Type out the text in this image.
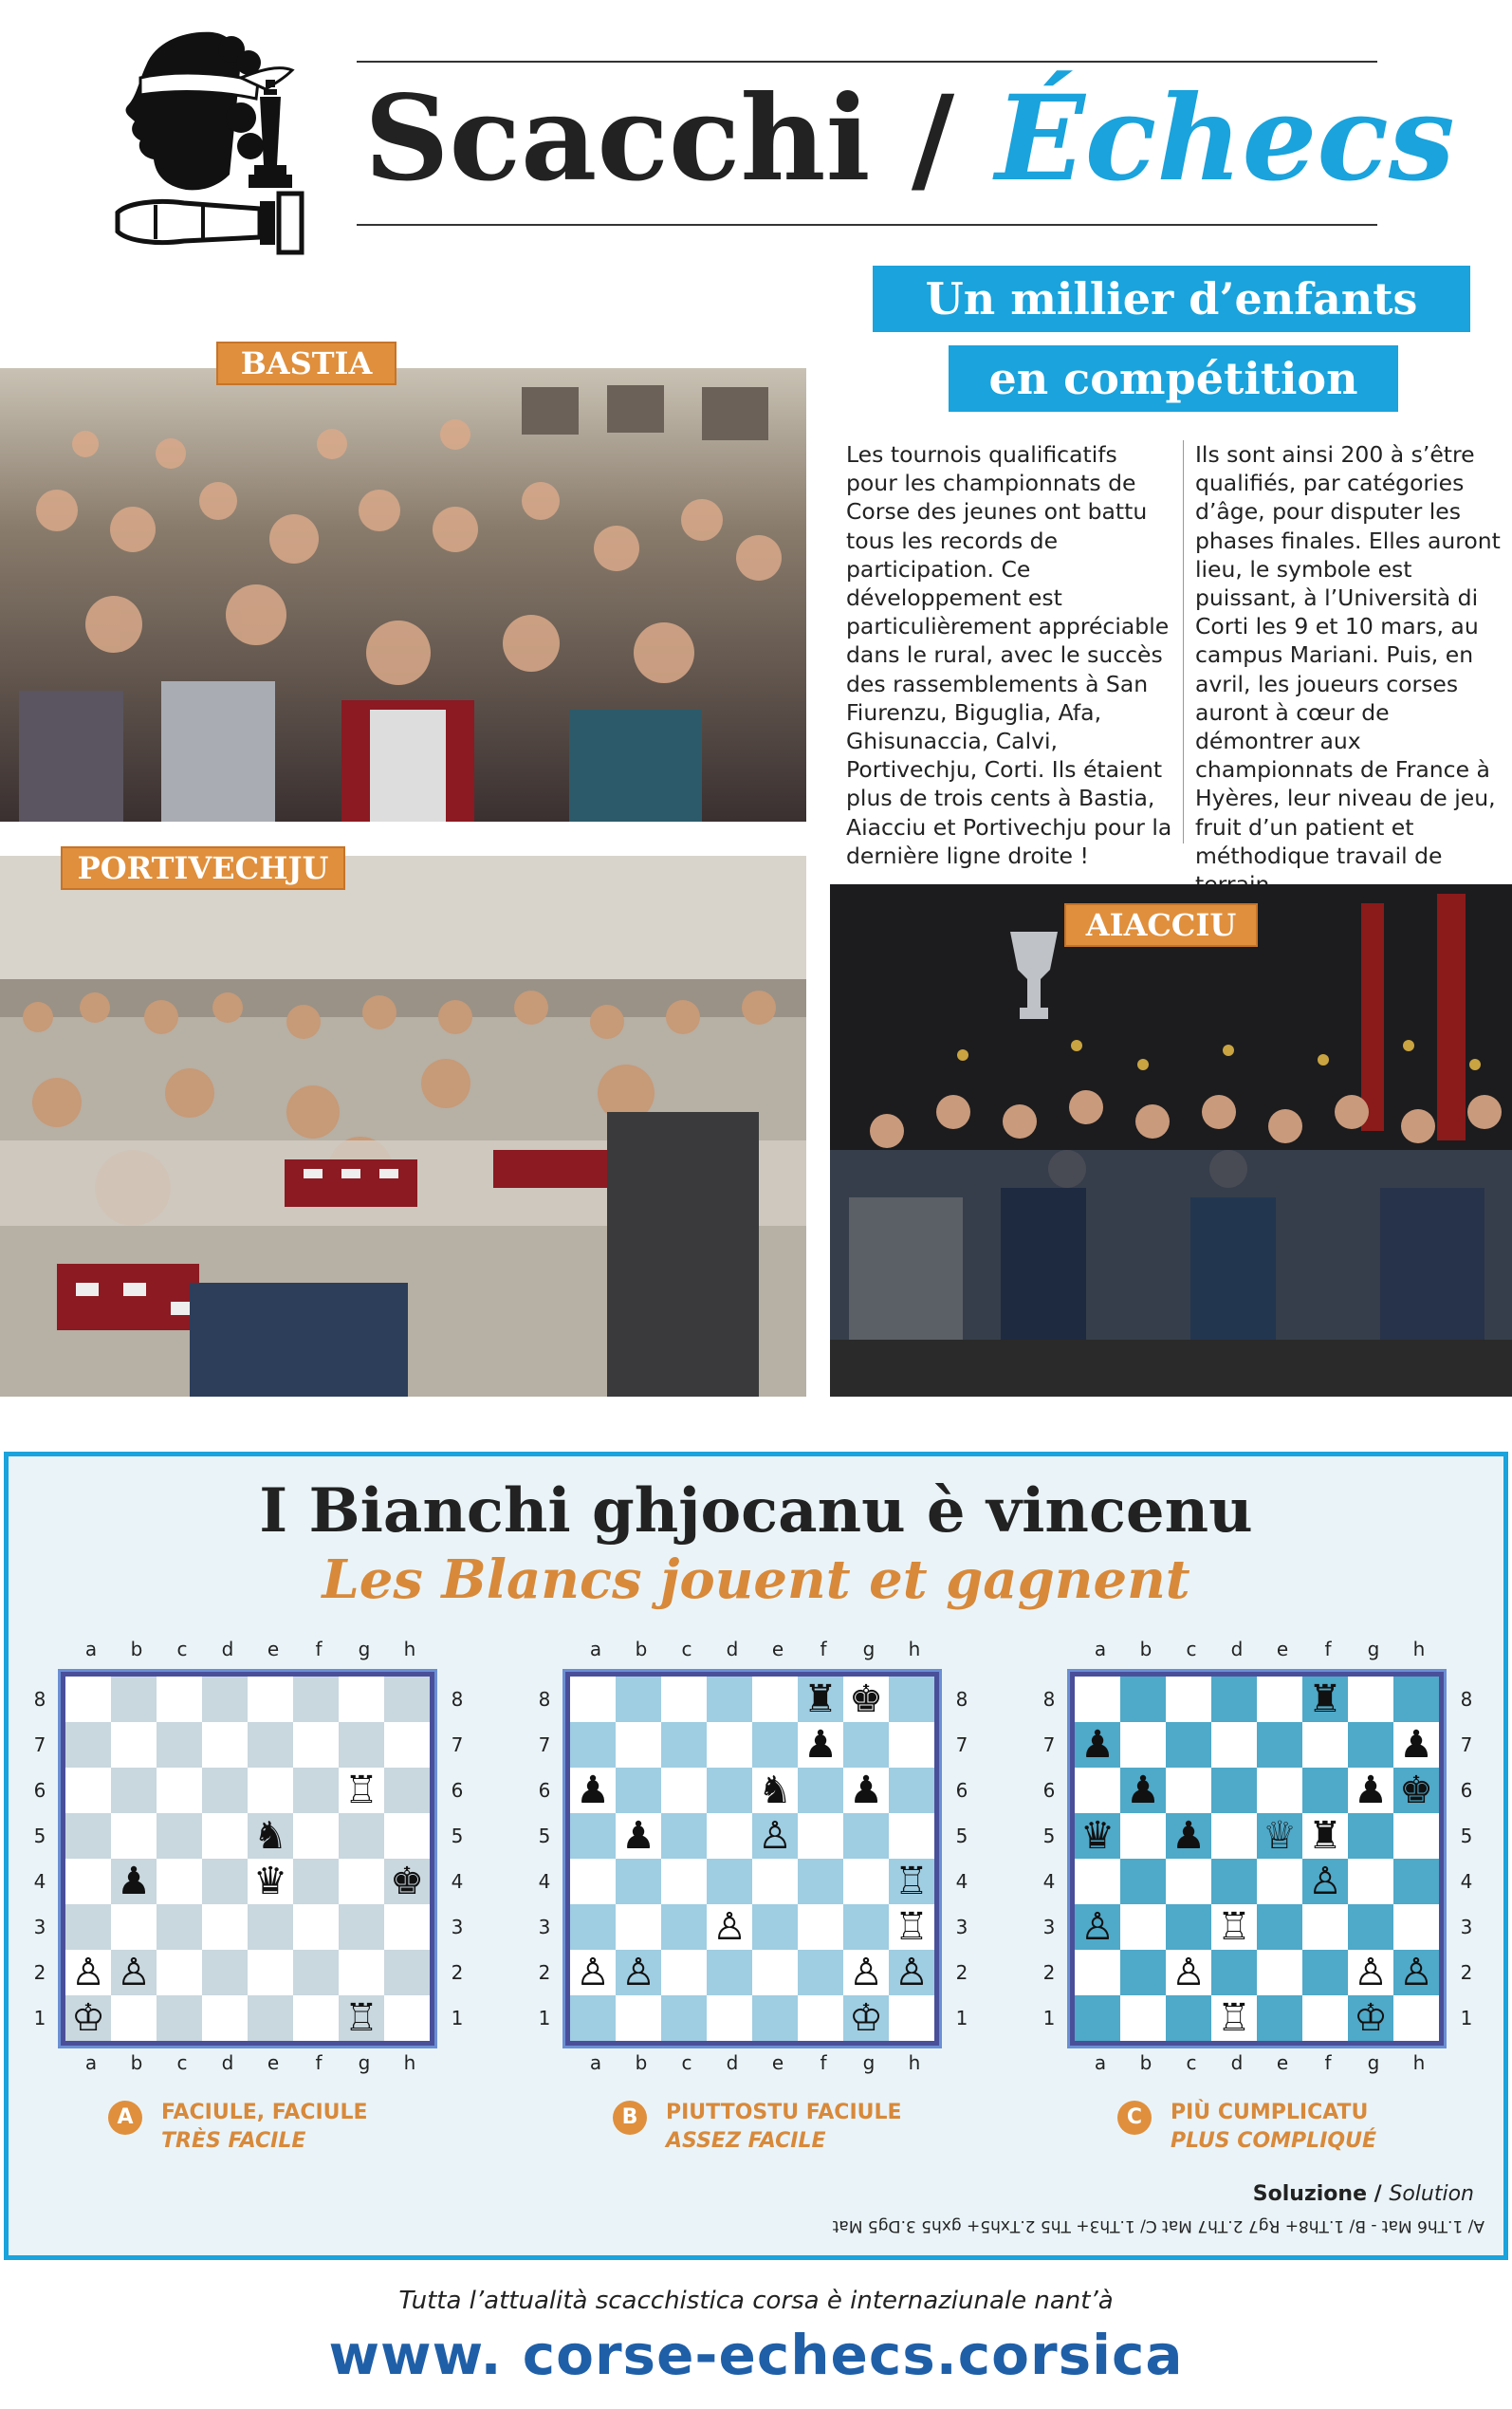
Scacchi / Échecs
Un millier d’enfants
en compétition
Les tournois qualificatifs pour les championnats de Corse des jeunes ont battu tous les records de participation. Ce développement est particulièrement appréciable dans le rural, avec le succès des rassemblements à San Fiurenzu, Biguglia, Afa, Ghisunaccia, Calvi, Portivechju, Corti. Ils étaient plus de trois cents à Bastia, Aiacciu et Portivechju pour la dernière ligne droite !
Ils sont ainsi 200 à s’être qualifiés, par catégories d’âge, pour disputer les phases finales. Elles auront lieu, le symbole est puissant, à l’Università di Corti les 9 et 10 mars, au campus Mariani. Puis, en avril, les joueurs corses auront à cœur de démontrer aux championnats de France à Hyères, leur niveau de jeu, fruit d’un patient et méthodique travail de
BASTIA
PORTIVECHJU
AIACCIU
I Bianchi ghjocanu è vincenu
Les Blancs jouent et gagnent
a
a
b
b
c
c
d
d
e
e
f
f
g
g
h
h
8	8
7	7
6	6
5	5
4	4
3	3
2	2
1	1
♖
♞
♟	♛	♚
♙ ♙
♔	♖
A	FACIULE, FACIULE
TRÈS FACILE
a
a
b
b
c
c
d
d
e
e
f
f
g
g
h
h
8	8
7	7
6	6
5	5
4	4
3	3
2	2
1	1
♜ ♚
♟
♟	♞ ♟
♟	♙
♖
♙	♖
♙ ♙	♙ ♙
♔
B	PIUTTOSTU FACIULE
ASSEZ FACILE
a
a
b
b
c
c
d
d
e
e
f
f
g
g
h
h
8	8
7	7
6	6
5	5
4	4
3	3
2	2
1	1
♜
♟	♟
♟	♟ ♚
♛ ♟ ♕ ♜
♙
♙	♖
♙	♙ ♙
♖	♔
C	PIÙ CUMPLICATU
PLUS COMPLIQUÉ
Soluzione / Solution
A/ 1.Th6 Mat - B/ 1.Th8+ Rg7 2.Th7 Mat C/ 1.Th3+ Th5 2.Txh5+ gxh5 3.Dg5 Mat
Tutta l’attualità scacchistica corsa è internaziunale nant’à
www. corse-echecs.corsica
